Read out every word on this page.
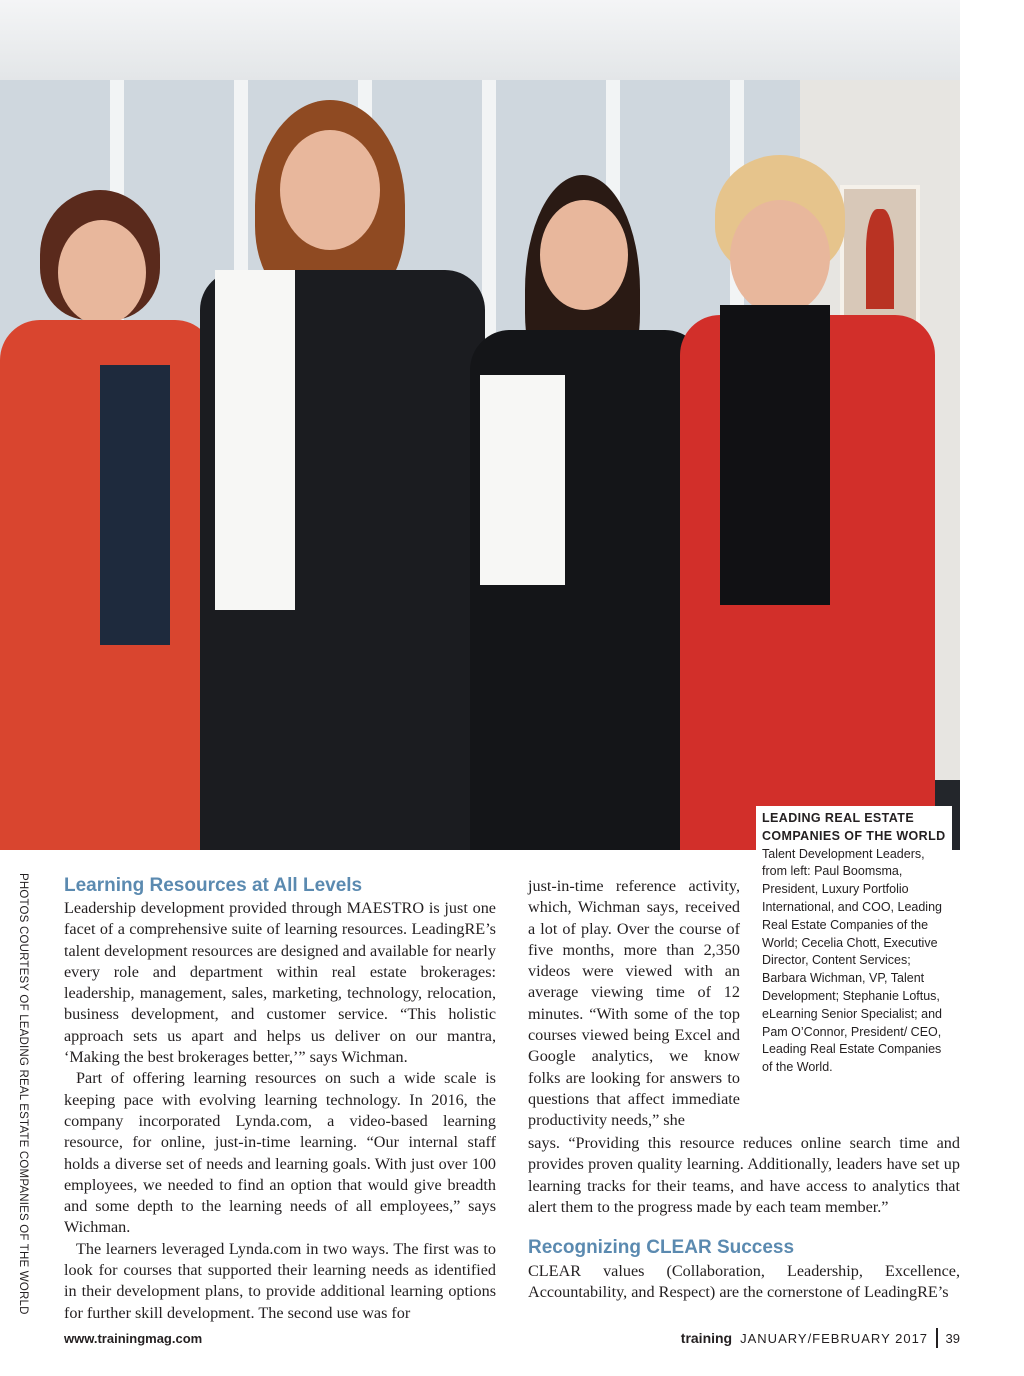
LEADING REAL ESTATE COMPANIES OF THE WORLD Talent Development Leaders, from left: Paul Boomsma, President, Luxury Portfolio International, and COO, Leading Real Estate Companies of the World; Cecelia Chott, Executive Director, Content Services; Barbara Wichman, VP, Talent Development; Stephanie Loftus, eLearning Senior Specialist; and Pam O’Connor, President/ CEO, Leading Real Estate Companies of the World.
PHOTOS COURTESY OF LEADING REAL ESTATE COMPANIES OF THE WORLD Learning Resources at All Levels

Leadership development provided through MAESTRO is just one facet of a comprehensive suite of learning resources. LeadingRE’s talent development resources are designed and available for nearly every role and department within real estate brokerages: leadership, management, sales, marketing, technology, relocation, business development, and customer service. “This holistic approach sets us apart and helps us deliver on our mantra, ‘Making the best brokerages better,’” says Wichman.

Part of offering learning resources on such a wide scale is keeping pace with evolving learning technology. In 2016, the company incorporated Lynda.com, a video-based learning resource, for online, just-in-time learning. “Our internal staff holds a diverse set of needs and learning goals. With just over 100 employees, we needed to find an option that would give breadth and some depth to the learning needs of all employees,” says Wichman.

The learners leveraged Lynda.com in two ways. The first was to look for courses that supported their learning needs as identified in their development plans, to provide additional learning options for further skill development. The second use was for

just-in-time reference activity, which, Wichman says, received a lot of play. Over the course of five months, more than 2,350 videos were viewed with an average viewing time of 12 minutes. “With some of the top courses viewed being Excel and Google analytics, we know folks are looking for answers to questions that affect immediate productivity needs,” she

says. “Providing this resource reduces online search time and provides proven quality learning. Additionally, leaders have set up learning tracks for their teams, and have access to analytics that alert them to the progress made by each team member.”

Recognizing CLEAR Success

CLEAR values (Collaboration, Leadership, Excellence, Accountability, and Respect) are the cornerstone of LeadingRE’s

www.trainingmag.com	training JANUARY/FEBRUARY 2017 39
